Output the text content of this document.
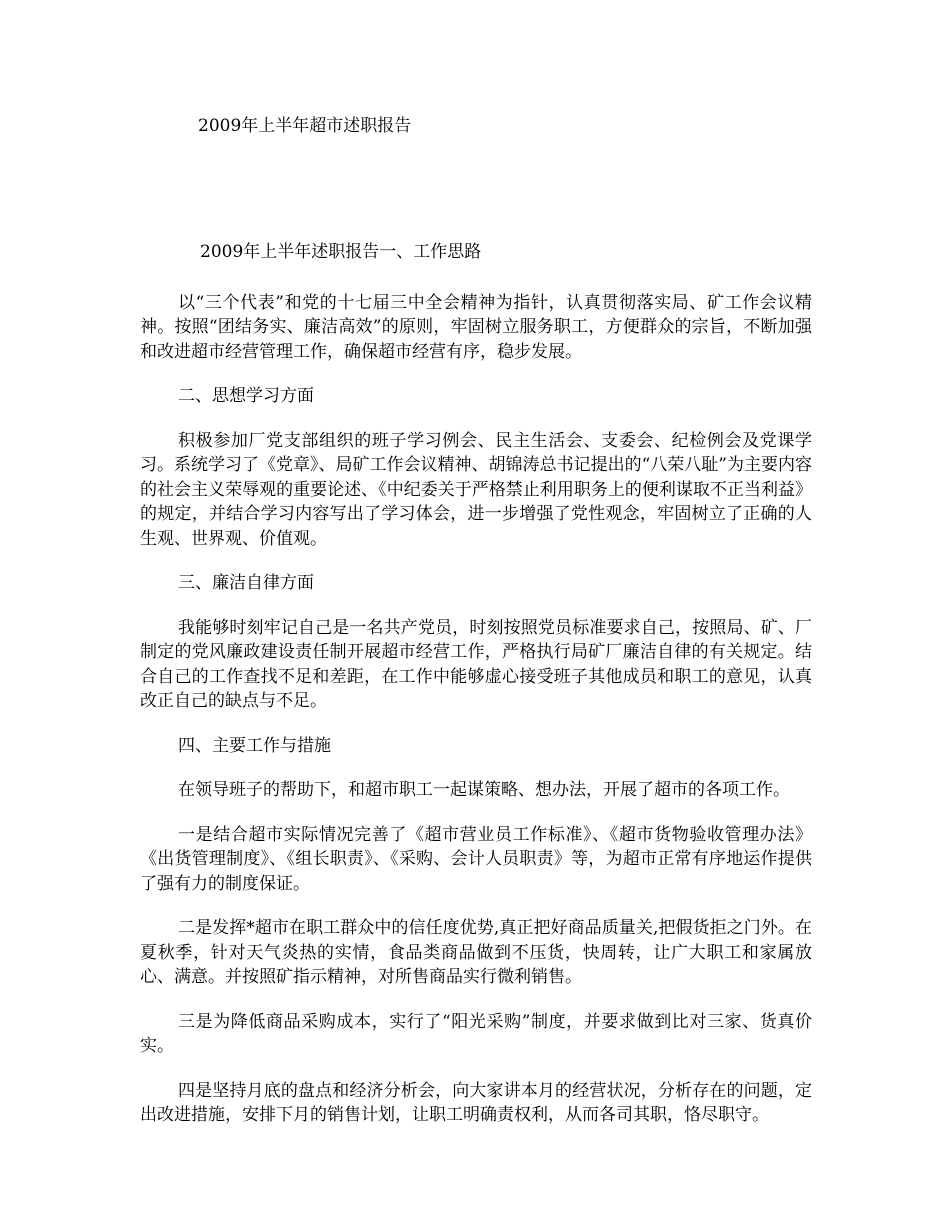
2009年上半年超市述职报告

2009年上半年述职报告一、工作思路

以“三个代表”和党的十七届三中全会精神为指针，认真贯彻落实局、矿工作会议精神。按照“团结务实、廉洁高效”的原则，牢固树立服务职工，方便群众的宗旨，不断加强和改进超市经营管理工作，确保超市经营有序，稳步发展。

二、思想学习方面

积极参加厂党支部组织的班子学习例会、民主生活会、支委会、纪检例会及党课学习。系统学习了《党章》、局矿工作会议精神、胡锦涛总书记提出的“八荣八耻”为主要内容的社会主义荣辱观的重要论述、《中纪委关于严格禁止利用职务上的便利谋取不正当利益》的规定，并结合学习内容写出了学习体会，进一步增强了党性观念，牢固树立了正确的人生观、世界观、价值观。

三、廉洁自律方面

我能够时刻牢记自己是一名共产党员，时刻按照党员标准要求自己，按照局、矿、厂制定的党风廉政建设责任制开展超市经营工作，严格执行局矿厂廉洁自律的有关规定。结合自己的工作查找不足和差距，在工作中能够虚心接受班子其他成员和职工的意见，认真改正自己的缺点与不足。

四、主要工作与措施

在领导班子的帮助下，和超市职工一起谋策略、想办法，开展了超市的各项工作。

一是结合超市实际情况完善了《超市营业员工作标准》、《超市货物验收管理办法》《出货管理制度》、《组长职责》、《采购、会计人员职责》等，为超市正常有序地运作提供了强有力的制度保证。

二是发挥*超市在职工群众中的信任度优势,真正把好商品质量关,把假货拒之门外。在夏秋季，针对天气炎热的实情，食品类商品做到不压货，快周转，让广大职工和家属放心、满意。并按照矿指示精神，对所售商品实行微利销售。

三是为降低商品采购成本，实行了“阳光采购”制度，并要求做到比对三家、货真价实。

四是坚持月底的盘点和经济分析会，向大家讲本月的经营状况，分析存在的问题，定出改进措施，安排下月的销售计划，让职工明确责权利，从而各司其职，恪尽职守。
